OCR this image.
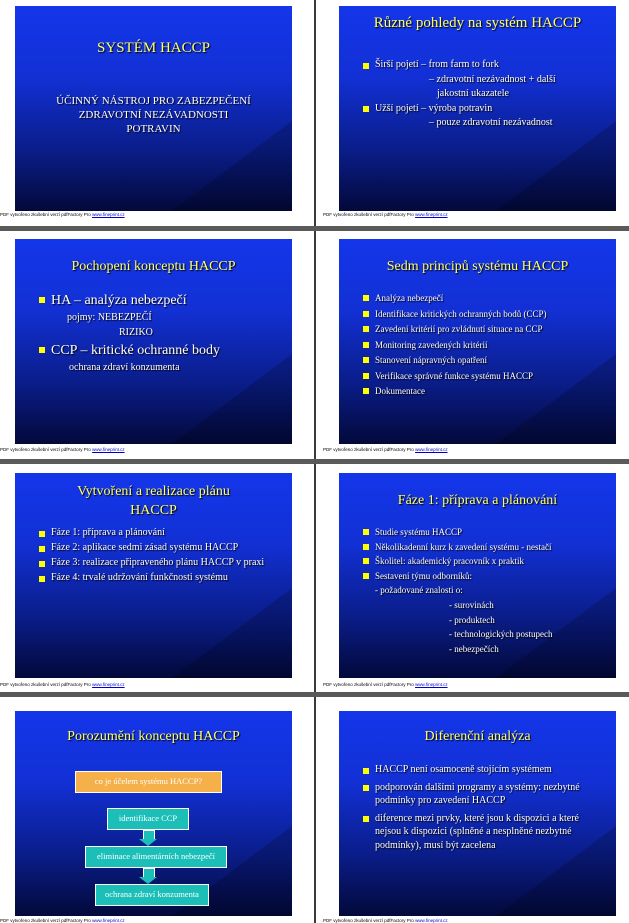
SYSTÉM HACCP
ÚČINNÝ NÁSTROJ PRO ZABEZPEČENÍ ZDRAVOTNÍ NEZÁVADNOSTI POTRAVIN
PDF vytvořeno zkušební verzí pdfFactory Pro www.fineprint.cz
Různé pohledy na systém HACCP
Širší pojetí – from farm to fork
– zdravotní nezávadnost + další
jakostní ukazatele
Užší pojetí – výroba potravin
– pouze zdravotní nezávadnost
PDF vytvořeno zkušební verzí pdfFactory Pro www.fineprint.cz
Pochopení konceptu HACCP
HA – analýza nebezpečí
pojmy: NEBEZPEČÍ
RIZIKO
CCP – kritické ochranné body
ochrana zdraví konzumenta
PDF vytvořeno zkušební verzí pdfFactory Pro www.fineprint.cz
Sedm principů systému HACCP
Analýza nebezpečí
Identifikace kritických ochranných bodů (CCP)
Zavedení kritérií pro zvládnutí situace na CCP
Monitoring zavedených kritérií
Stanovení nápravných opatření
Verifikace správné funkce systému HACCP
Dokumentace
PDF vytvořeno zkušební verzí pdfFactory Pro www.fineprint.cz
Vytvoření a realizace plánu HACCP
Fáze 1: příprava a plánování
Fáze 2: aplikace sedmi zásad systému HACCP
Fáze 3: realizace připraveného plánu HACCP v praxi
Fáze 4: trvalé udržování funkčnosti systému
PDF vytvořeno zkušební verzí pdfFactory Pro www.fineprint.cz
Fáze 1: příprava a plánování
Studie systému HACCP
Několikadenní kurz k zavedení systému - nestačí
Školitel: akademický pracovník x praktik
Sestavení týmu odborníků:
- požadované znalosti o:
- surovinách
- produktech
- technologických postupech
- nebezpečích
PDF vytvořeno zkušební verzí pdfFactory Pro www.fineprint.cz
Porozumění konceptu HACCP
co je účelem systému HACCP?
identifikace CCP
eliminace alimentárních nebezpečí
ochrana zdraví konzumenta
PDF vytvořeno zkušební verzí pdfFactory Pro www.fineprint.cz
Diferenční analýza
HACCP není osamoceně stojícím systémem
podporován dalšími programy a systémy: nezbytné podmínky pro zavedení HACCP
diference mezi prvky, které jsou k dispozici a které nejsou k dispozici (splněné a nesplněné nezbytné podmínky), musí být zacelena
PDF vytvořeno zkušební verzí pdfFactory Pro www.fineprint.cz
